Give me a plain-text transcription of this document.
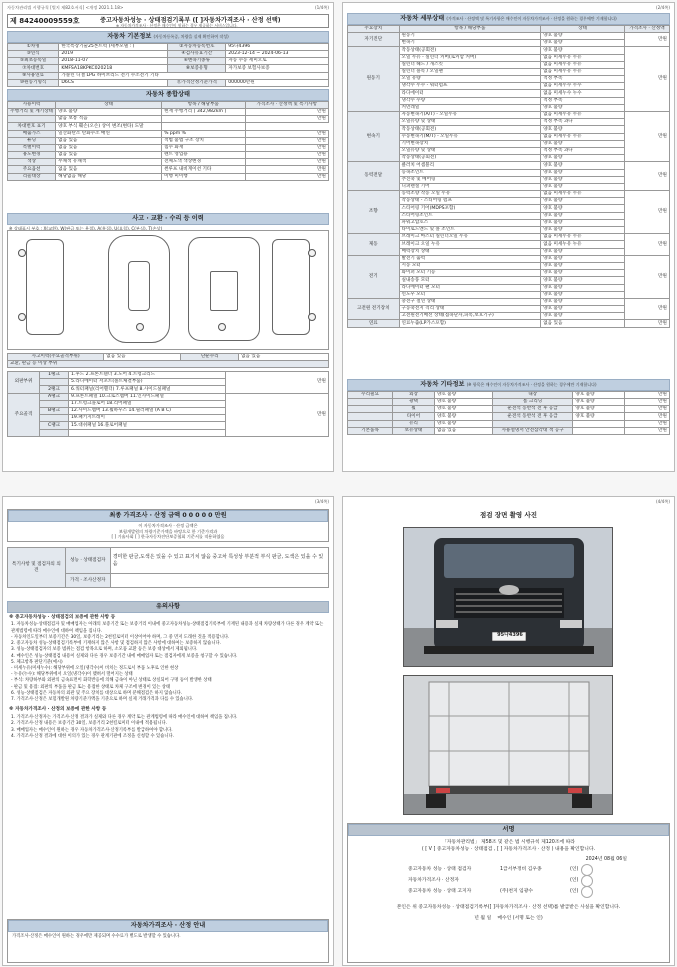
자동차관리법 시행규칙 [별지 제82호서식] <개정 2021.1.18>	(1/4쪽)
제 84240009559호	중고자동차성능 · 상태점검기록부 ([ ]자동차가격조사 · 산정 선택)
※ 자동차가격조사 · 산정은 매수인이 원하는 경우 제공하는 서비스입니다.
자동차 기본정보 (자동차등록증, 차량을 실제 확인하여 작성)
①차명	한국특장기술25톤트럭 (세부모델 : )	②자동차등록번호	95나4396
③연식	2019	④검사유효기간	2023-12-14 ~ 2024-06-13
⑤최초등록일	2018-11-07	⑥변속기종류	자동 수동 세미오토
⑦차대번호	KMFSA18KPKC020218	⑧보증유형	자가보증 보험사보증
⑨사용연료	가솔린 디젤 LPG 하이브리드 전기 수소전기 기타		
⑩원동기형식	D6CS	⑪가격산정기준가격	000000만원
자동차 종합상태
사용이력	상태	항목 / 해당부품	가격조사 · 산정액 및 특기사항
주행거리 및 계기상태	양호 불량	현재 주행거리 [ 342,982km ]	만원
	많음 보통 적음		만원
차대번호 표기	양호 부식 훼손(오손) 상이 변조(변타) 도말		
배출가스	일산화탄소 탄화수소 매연	% ppm %	만원
튜닝	없음 있음	적법 불법 구조 장치	만원
특별이력	없음 있음	침수 화재	만원
용도변경	없음 있음	렌트 영업용	만원
색상	무채색 유채색	전체도색 색상변경	만원
주요옵션	없음 있음	썬루프 내비게이션 기타	만원
리콜대상	해당없음 해당	이행 미이행	만원
사고 · 교환 · 수리 등 이력
※ 상태표시 부호 : X(교환), W(판금 또는 용접), A(흠집), U(요철), C(부식), T(손상)
사고이력(주요골격부위)	없음 있음	단순수리	없음 있음
교환, 판금 등 이상 부위
외판부위	1랭크	1.후드 2.프론트휀더 3.도어 4.트렁크리드	만원
		5.라디에이터 서포트(볼트체결부품)	
	2랭크	6.쿼터패널(리어휀더) 7.루프패널 8.사이드실패널	
주요골격	A랭크	9.프론트패널 10.크로스멤버 11.인사이드패널	만원
		17.트렁크플로어 18.리어패널	
	B랭크	12.사이드멤버 13.휠하우스 14.필러패널 (A B C)	
		19.패키지트레이	
	C랭크	15.대쉬패널 16.플로어패널	

(2/4쪽)
자동차 세부상태 (가격조사 · 산정액 및 특기사항은 매수인이 자동차가격조사 · 산정을 원하는 경우에만 기재합니다)
주요장치	항목 / 해당부품	상태	가격조사 · 산정액
자기진단	원동기	양호 불량	만원
	변속기	양호 불량	
원동기	작동상태(공회전)	양호 불량	만원
	오일 누유 - 실린더 커버(로커암 커버)	없음 미세누유 누유	
	실린더 헤드 / 개스킷	없음 미세누유 누유	
	실린더 블록 / 오일팬	없음 미세누유 누유	
	오일 유량	적정 부족	
	냉각수 누수 - 워터펌프	없음 미세누수 누수	
	라디에이터	없음 미세누수 누수	
	냉각수 수량	적정 부족	
	커먼레일	양호 불량	
변속기	자동변속기(A/T) - 오일누유	없음 미세누유 누유	만원
	오일유량 및 상태	적정 부족 과다	
	작동상태(공회전)	양호 불량	
	수동변속기(M/T) - 오일누유	없음 미세누유 누유	
	기어변속장치	양호 불량	
	오일유량 및 상태	적정 부족 과다	
	작동상태(공회전)	양호 불량	
동력전달	클러치 어셈블리	양호 불량	만원
	등속조인트	양호 불량	
	추진축 및 베어링	양호 불량	
	디퍼렌셜 기어	양호 불량	
조향	동력조향 작동 오일 누유	없음 미세누유 누유	만원
	작동상태 - 스티어링 펌프	양호 불량	
	스티어링 기어(MDPS포함)	양호 불량	
	스티어링조인트	양호 불량	
	파워고압호스	양호 불량	
	타이로드엔드 및 볼 조인트	양호 불량	
제동	브레이크 마스터 실린더오일 누유	없음 미세누유 누유	만원
	브레이크 오일 누유	없음 미세누유 누유	
	배력장치 상태	양호 불량	
전기	발전기 출력	양호 불량	만원
	시동 모터	양호 불량	
	와이퍼 모터 기능	양호 불량	
	실내송풍 모터	양호 불량	
	라디에이터 팬 모터	양호 불량	
	윈도우 모터	양호 불량	
고전원 전기장치	충전구 절연 상태	양호 불량	만원
	구동축전지 격리 상태	양호 불량	
	고전원전기배선 상태(접속단자,피복,보호기구)	양호 불량	
연료	연료누출(LP가스포함)	없음 있음	만원
자동차 기타정보 (※ 항목은 매수인이 자동차가격조사 · 산정을 원하는 경우에만 기재합니다)
수리필요	외장	양호 불량	내장	양호 불량	만원
	광택	양호 불량	룸 크리닝	양호 불량	만원
	휠	양호 불량	운전석 동반석 전 후 응급	양호 불량	만원
	타이어	양호 불량	운전석 동반석 전 후 응급	양호 불량	만원
	유리	양호 불량			만원
기본품목	보유상태	없음 있음	사용설명서 안전삼각대 잭 공구		만원
(3/4쪽)
최종 가격조사 · 산정 금액 0 0 0 0 0 만원
이 자동차가격조사 · 산정 금액은
보험개발원의 차량기준가액을 바탕으로 한 기준가격과
[ ] 기술사회 [ ] 한국자동차진단보증협회 기준서를 적용하였음
특기사항 및 점검자의 의견	성능 · 상태점검자	경미한 판금,도색은 있을 수 있고 표기치 않음 중고차 특성상 부분적 부식 판금, 도색은 있을 수 있음
	가격 · 조사산정자	
유의사항
※ 중고자동차성능 · 상태점검의 보증에 관한 사항 등
1. 자동차성능·상태점검자 및 매매업자는 아래의 보증기간 또는 보증거리 이내에 중고자동차성능·상태점검기록부에 기재된 내용과 실제 차량상태가 다른 경우 계약 또는 관계법령에 따라 매수인에 대하여 책임을 집니다.
- 자동차인도일부터 보증기간은 30일, 보증거리는 2천킬로미터 이상이어야 하며, 그 중 먼저 도래한 것을 적용합니다.
2. 중고자동차 성능·상태점검기록부에 기재하지 않은 사항 및 점검하지 않은 사항에 대하여는 보증하지 않습니다.
3. 성능·상태점검자의 보증 범위는 점검 항목으로 하며, 소모품 교환 등은 보증 대상에서 제외됩니다.
4. 매수인은 성능·상태점검 내용이 실제와 다른 경우 보증기간 내에 매매업자 또는 점검자에게 보증을 청구할 수 있습니다.
5. 체크항목 판단기준(예시)
- 미세누유(미세누수): 해당부위에 오일(냉각수)이 비치는 정도로서 부품 노후로 인한 현상
- 누유(누수): 해당부위에서 오일(냉각수)이 맺혀서 떨어지는 상태
- 부식: 차량하부와 외판의 금속표면이 화학반응에 의해 금속이 아닌 상태로 상실되어 구멍 등이 발생한 상태
- 판금 및 용접: 외판의 부품을 판금 또는 용접한 상태로 차체 구조에 변경이 있는 상태
6. 성능·상태점검은 자동차의 외관 및 주요 장치를 대상으로 하며 분해점검은 하지 않습니다.
7. 가격조사·산정은 보험개발원 차량기준가액을 기준으로 하며 실제 거래가격과 다를 수 있습니다.
※ 자동차가격조사 · 산정의 보증에 관한 사항 등
1. 가격조사·산정자는 가격조사·산정 결과가 실제와 다른 경우 계약 또는 관계법령에 따라 매수인에 대하여 책임을 집니다.
2. 가격조사·산정 내용은 보증기간 30일, 보증거리 2천킬로미터 이내에 적용됩니다.
3. 매매업자는 매수인이 원하는 경우 자동차가격조사·산정기록부를 발급하여야 합니다.
4. 가격조사·산정 결과에 대한 이의가 있는 경우 관계기관에 조정을 신청할 수 있습니다.
자동차가격조사 · 산정 안내
가격조사·산정은 매수인이 원하는 경우에만 제공되며 수수료가 별도로 발생할 수 있습니다.
(4/4쪽)
점검 장면 촬영 사진
95나4396
서명
「자동차관리법」 제58조 및 같은 법 시행규칙 제120조에 따라
( [ V ] 중고자동차성능 · 상태점검 , [ ] 자동차가격조사 · 산정 ) 내용을 확인합니다.
2024년 08월 06일
중고자동차 성능 · 상태 점검자	1급서부정비 김우종	(인)
자동차가격조사 · 산정자	(인)
중고자동차 성능 · 상태 고지자	(주)천지 임광수	(인)
본인은 위 중고자동차성능 · 상태점검기록부([ ]자동차가격조사 · 산정 선택)를 발급받은 사실을 확인합니다.
년 월 일 매수인 (서명 또는 인)
